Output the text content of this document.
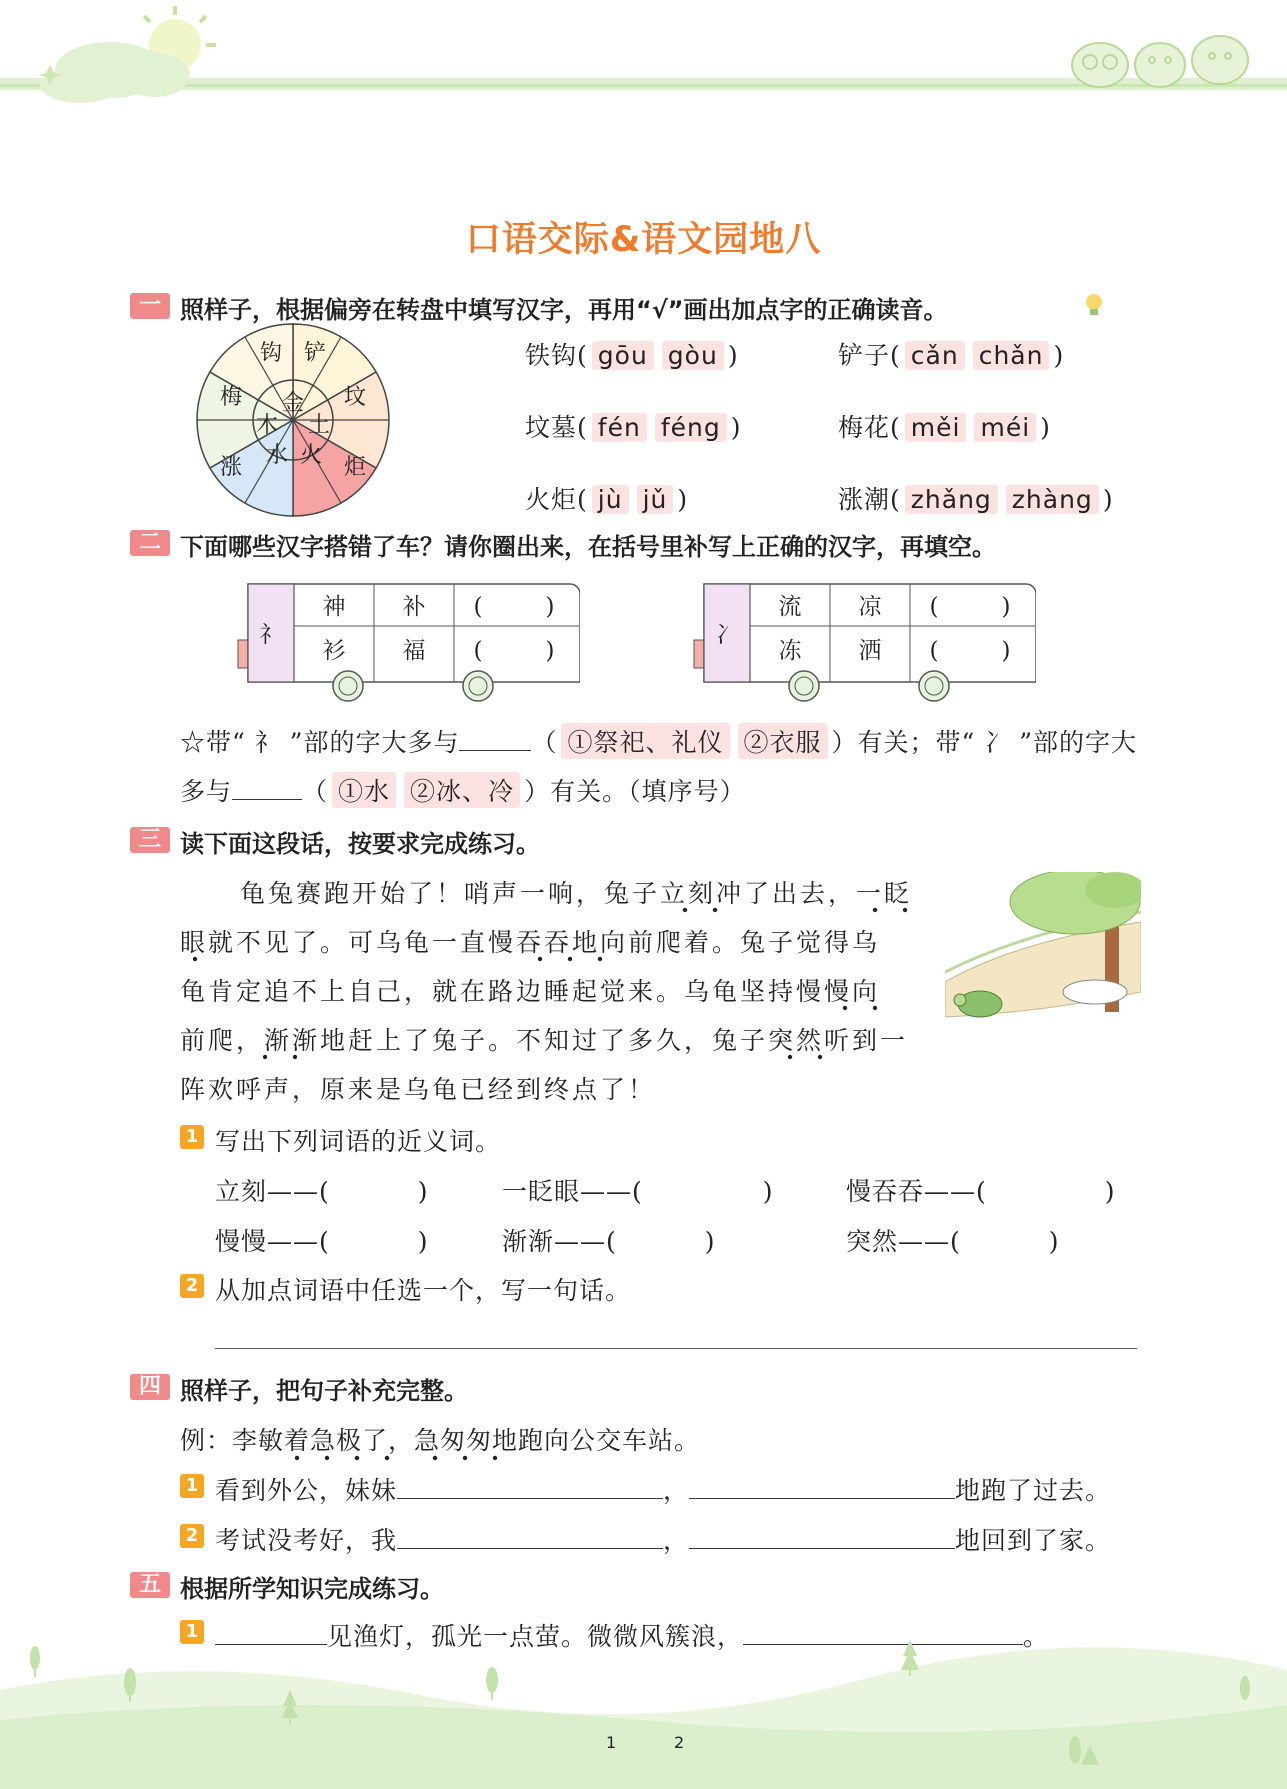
口语交际&语文园地八
一 照样子，根据偏旁在转盘中填写汉字，再用“√”画出加点字的正确读音。
金
土
火
水
木
钩 铲
坟
炬
涨
梅
铁钩( gōu gòu )	铲子( cǎn chǎn )
坟墓( fén féng )	梅花( měi méi )
火炬( jù jǔ )	涨潮( zhǎng zhàng )
二 下面哪些汉字搭错了车？请你圈出来，在括号里补写上正确的汉字，再填空。
礻
神 补 (	)
衫 福 (	)
冫
流 凉 (	)
冻 洒 (	)
☆带“ 礻 ”部的字大多与	（ ①祭祀、礼仪 ②衣服 ）有关；带“ 冫 ”部的字大
多与	（ ①水 ②冰、冷 ）有关。（填序号）
三 读下面这段话，按要求完成练习。
龟兔赛跑开始了！哨声一响，兔子立刻冲了出去，一眨
眼就不见了。可乌龟一直慢吞吞地向前爬着。兔子觉得乌
龟肯定追不上自己，就在路边睡起觉来。乌龟坚持慢慢向
前爬，渐渐地赶上了兔子。不知过了多久，兔子突然听到一
阵欢呼声，原来是乌龟已经到终点了！
1 写出下列词语的近义词。
立刻——(	)	一眨眼——(	)	慢吞吞——(	)
慢慢——(	)	渐渐——(	)	突然——(	)
2 从加点词语中任选一个，写一句话。
四 照样子，把句子补充完整。
例：李敏着急极了，急匆匆地跑向公交车站。
1 看到外公，妹妹	，	地跑了过去。
2 考试没考好，我	，	地回到了家。
五 根据所学知识完成练习。
1	见渔灯，孤光一点萤。微微风簇浪，	。
1	2
